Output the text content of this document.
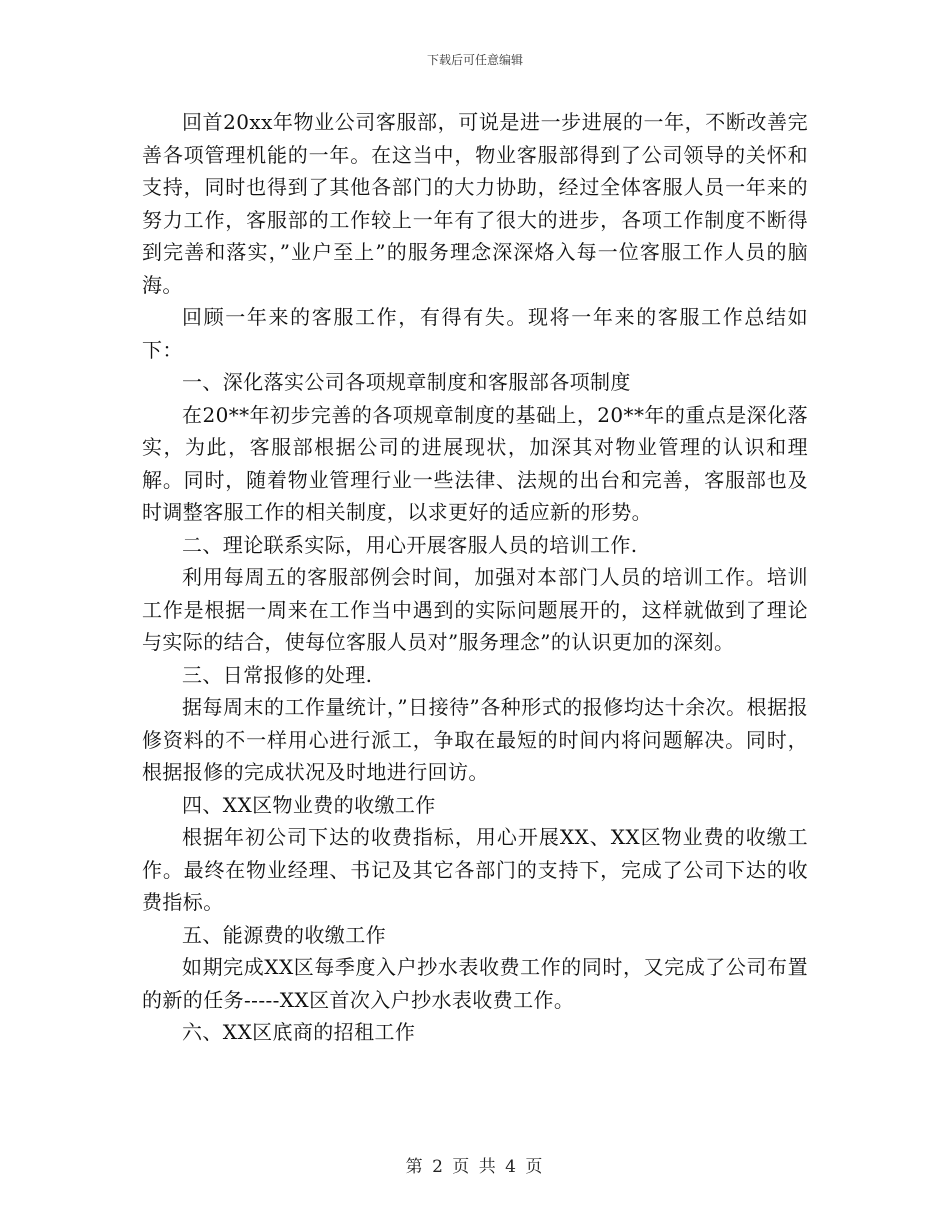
下载后可任意编辑

回首20xx年物业公司客服部，可说是进一步进展的一年，不断改善完善各项管理机能的一年。在这当中，物业客服部得到了公司领导的关怀和支持，同时也得到了其他各部门的大力协助，经过全体客服人员一年来的努力工作，客服部的工作较上一年有了很大的进步，各项工作制度不断得到完善和落实，”业户至上”的服务理念深深烙入每一位客服工作人员的脑海。

回顾一年来的客服工作，有得有失。现将一年来的客服工作总结如下：

一、深化落实公司各项规章制度和客服部各项制度

在20**年初步完善的各项规章制度的基础上，20**年的重点是深化落实，为此，客服部根据公司的进展现状，加深其对物业管理的认识和理解。同时，随着物业管理行业一些法律、法规的出台和完善，客服部也及时调整客服工作的相关制度，以求更好的适应新的形势。

二、理论联系实际，用心开展客服人员的培训工作.

利用每周五的客服部例会时间，加强对本部门人员的培训工作。培训工作是根据一周来在工作当中遇到的实际问题展开的，这样就做到了理论与实际的结合，使每位客服人员对”服务理念”的认识更加的深刻。

三、日常报修的处理.

据每周末的工作量统计，”日接待”各种形式的报修均达十余次。根据报修资料的不一样用心进行派工，争取在最短的时间内将问题解决。同时，根据报修的完成状况及时地进行回访。

四、XX区物业费的收缴工作

根据年初公司下达的收费指标，用心开展XX、XX区物业费的收缴工作。最终在物业经理、书记及其它各部门的支持下，完成了公司下达的收费指标。

五、能源费的收缴工作

如期完成XX区每季度入户抄水表收费工作的同时，又完成了公司布置的新的任务-----XX区首次入户抄水表收费工作。

六、XX区底商的招租工作

第 2 页 共 4 页
